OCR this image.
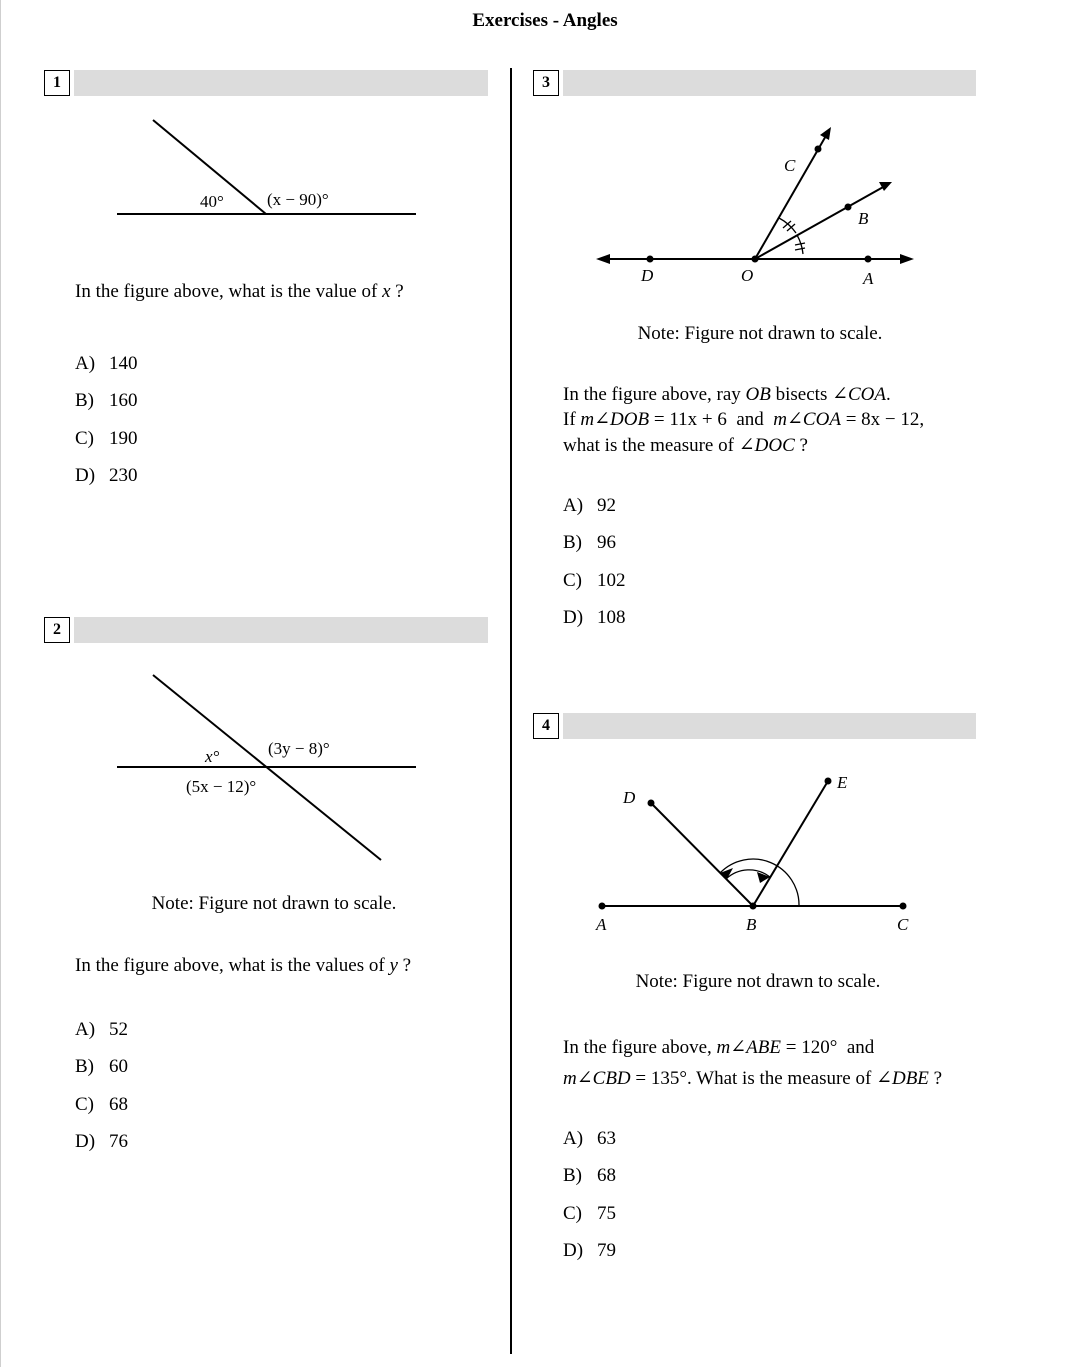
Exercises - Angles
1
40°	(x − 90)°
In the figure above, what is the value of x ?
A) 140
B) 160
C) 190
D) 230
2
x°	(3y − 8)°
(5x − 12)°
Note: Figure not drawn to scale.
In the figure above, what is the values of y ?
A) 52
B) 60
C) 68
D) 76
3
C
B
D	O	A
Note: Figure not drawn to scale.
In the figure above, ray OB bisects ∠COA.
If m∠DOB = 11x + 6  and  m∠COA = 8x − 12,
what is the measure of ∠DOC ?
A) 92
B) 96
C) 102
D) 108
4
D
E
A	B	C
Note: Figure not drawn to scale.
In the figure above, m∠ABE = 120°  and
m∠CBD = 135°. What is the measure of ∠DBE ?
A) 63
B) 68
C) 75
D) 79
